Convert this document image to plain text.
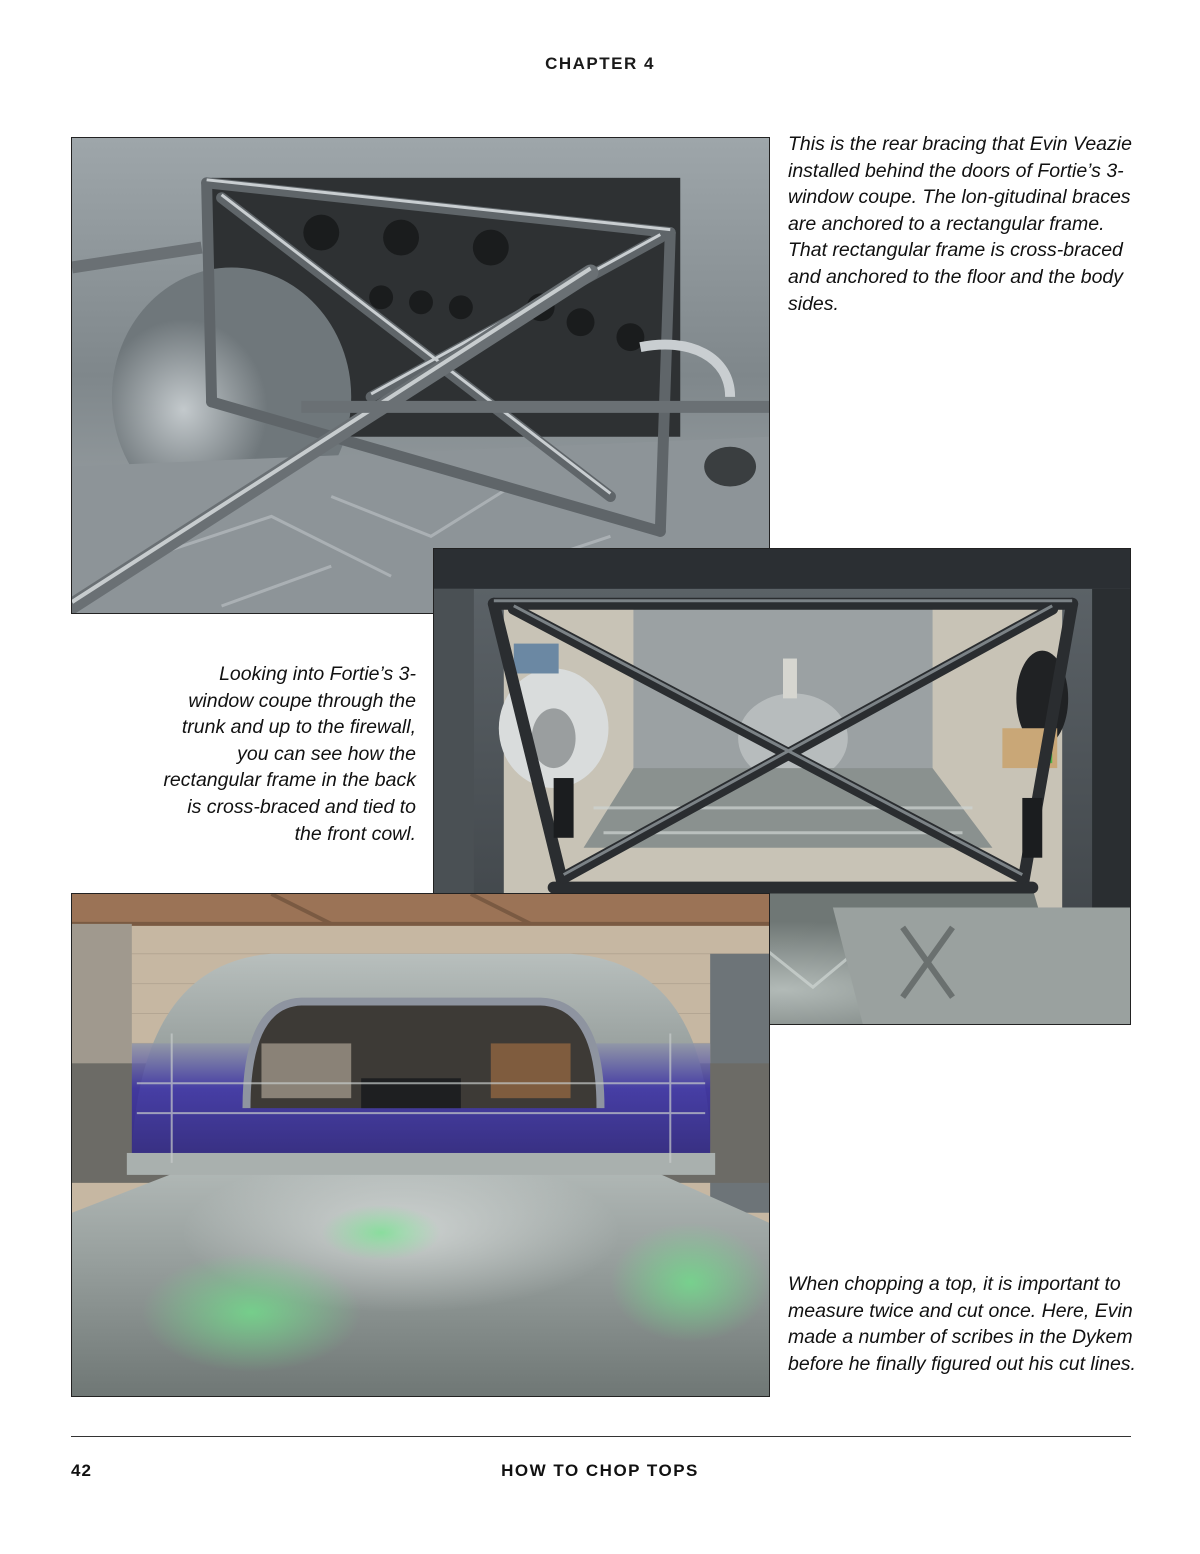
CHAPTER 4

This is the rear bracing that Evin Veazie installed behind the doors of Fortie’s 3-window coupe. The lon-gitudinal braces are anchored to a rectangular frame. That rectangular frame is cross-braced and anchored to the floor and the body sides.

Looking into Fortie’s 3-window coupe through the trunk and up to the firewall, you can see how the rectangular frame in the back is cross-braced and tied to the front cowl.

When chopping a top, it is important to measure twice and cut once. Here, Evin made a number of scribes in the Dykem before he finally figured out his cut lines.

42	HOW TO CHOP TOPS
